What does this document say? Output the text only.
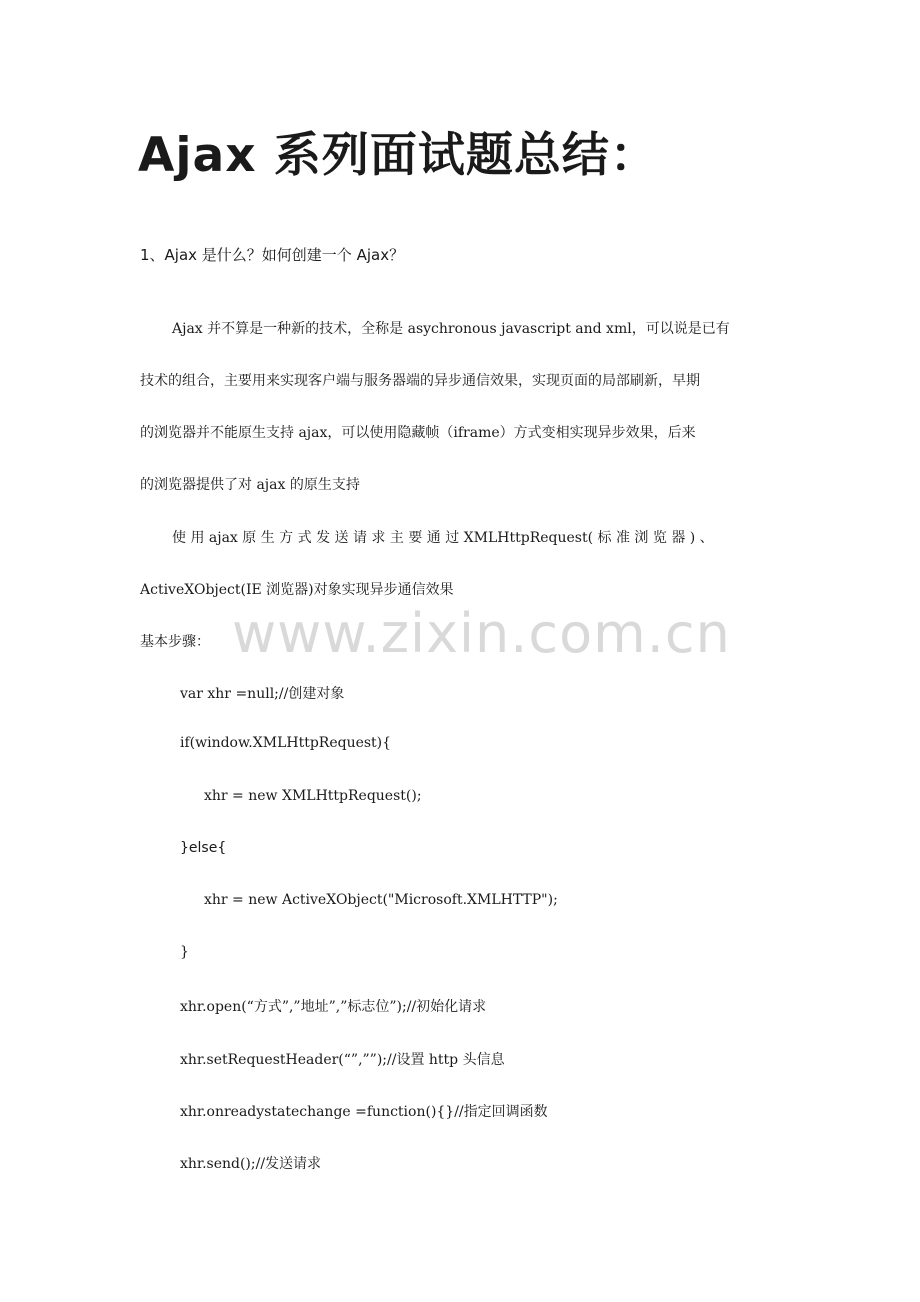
Ajax 系列面试题总结：
1、Ajax 是什么？如何创建一个 Ajax？
Ajax 并不算是一种新的技术，全称是 asychronous javascript and xml，可以说是已有
技术的组合，主要用来实现客户端与服务器端的异步通信效果，实现页面的局部刷新，早期
的浏览器并不能原生支持 ajax，可以使用隐藏帧（iframe）方式变相实现异步效果，后来
的浏览器提供了对 ajax 的原生支持
使 用 ajax 原 生 方 式 发 送 请 求 主 要 通 过 XMLHttpRequest( 标 准 浏 览 器 ) 、
ActiveXObject(IE 浏览器)对象实现异步通信效果
www.zixin.com.cn
基本步骤：
var xhr =null;//创建对象
if(window.XMLHttpRequest){
xhr = new XMLHttpRequest();
}else{
xhr = new ActiveXObject("Microsoft.XMLHTTP");
}
xhr.open(“方式”,”地址”,”标志位”);//初始化请求
xhr.setRequestHeader(“”,””);//设置 http 头信息
xhr.onreadystatechange =function(){}//指定回调函数
xhr.send();//发送请求
